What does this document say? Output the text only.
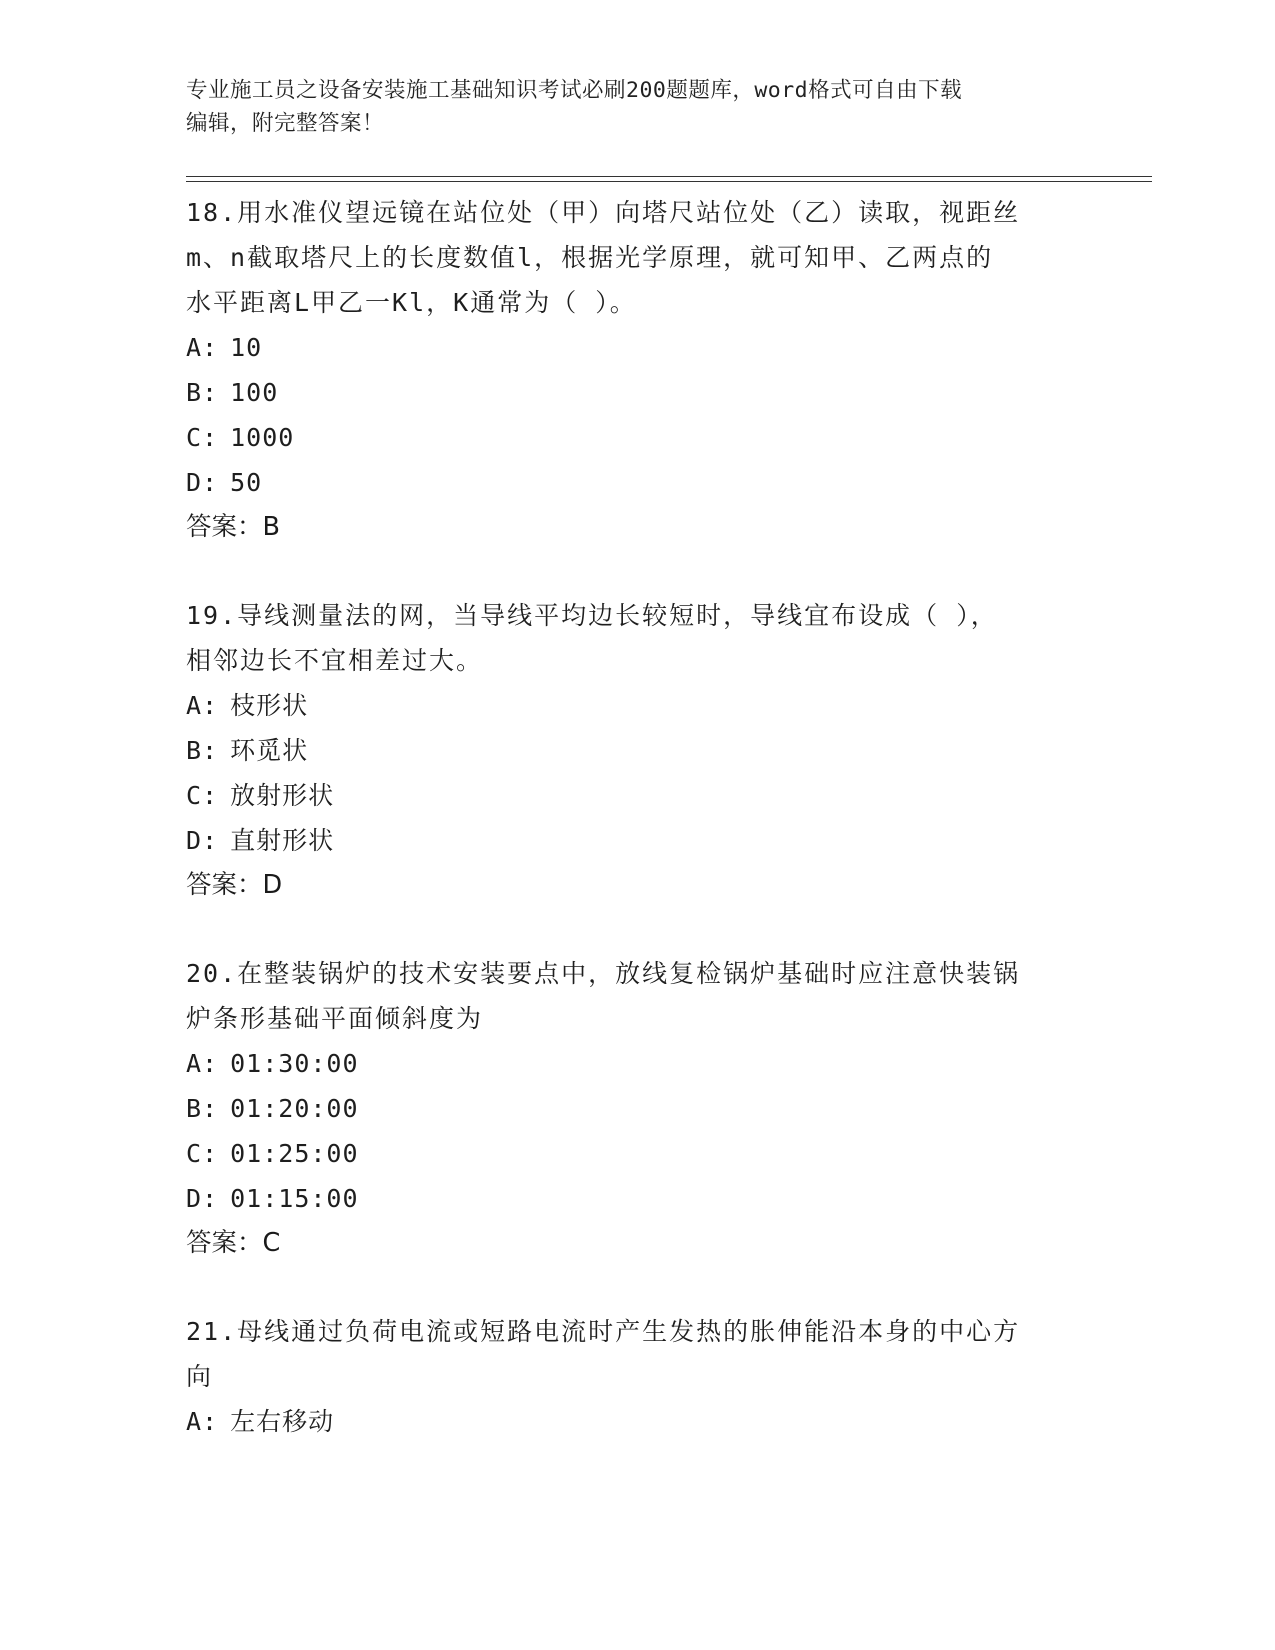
专业施工员之设备安装施工基础知识考试必刷200题题库，word格式可自由下载
编辑，附完整答案！
18.用水准仪望远镜在站位处（甲）向塔尺站位处（乙）读取，视距丝
m、n截取塔尺上的长度数值l，根据光学原理，就可知甲、乙两点的
水平距离L甲乙一Kl，K通常为（ ）。
A: 10
B: 100
C: 1000
D: 50
答案：B
19.导线测量法的网，当导线平均边长较短时，导线宜布设成（ ），
相邻边长不宜相差过大。
A: 枝形状
B: 环觅状
C: 放射形状
D: 直射形状
答案：D
20.在整装锅炉的技术安装要点中，放线复检锅炉基础时应注意快装锅
炉条形基础平面倾斜度为
A: 01:30:00
B: 01:20:00
C: 01:25:00
D: 01:15:00
答案：C
21.母线通过负荷电流或短路电流时产生发热的胀伸能沿本身的中心方
向
A: 左右移动
